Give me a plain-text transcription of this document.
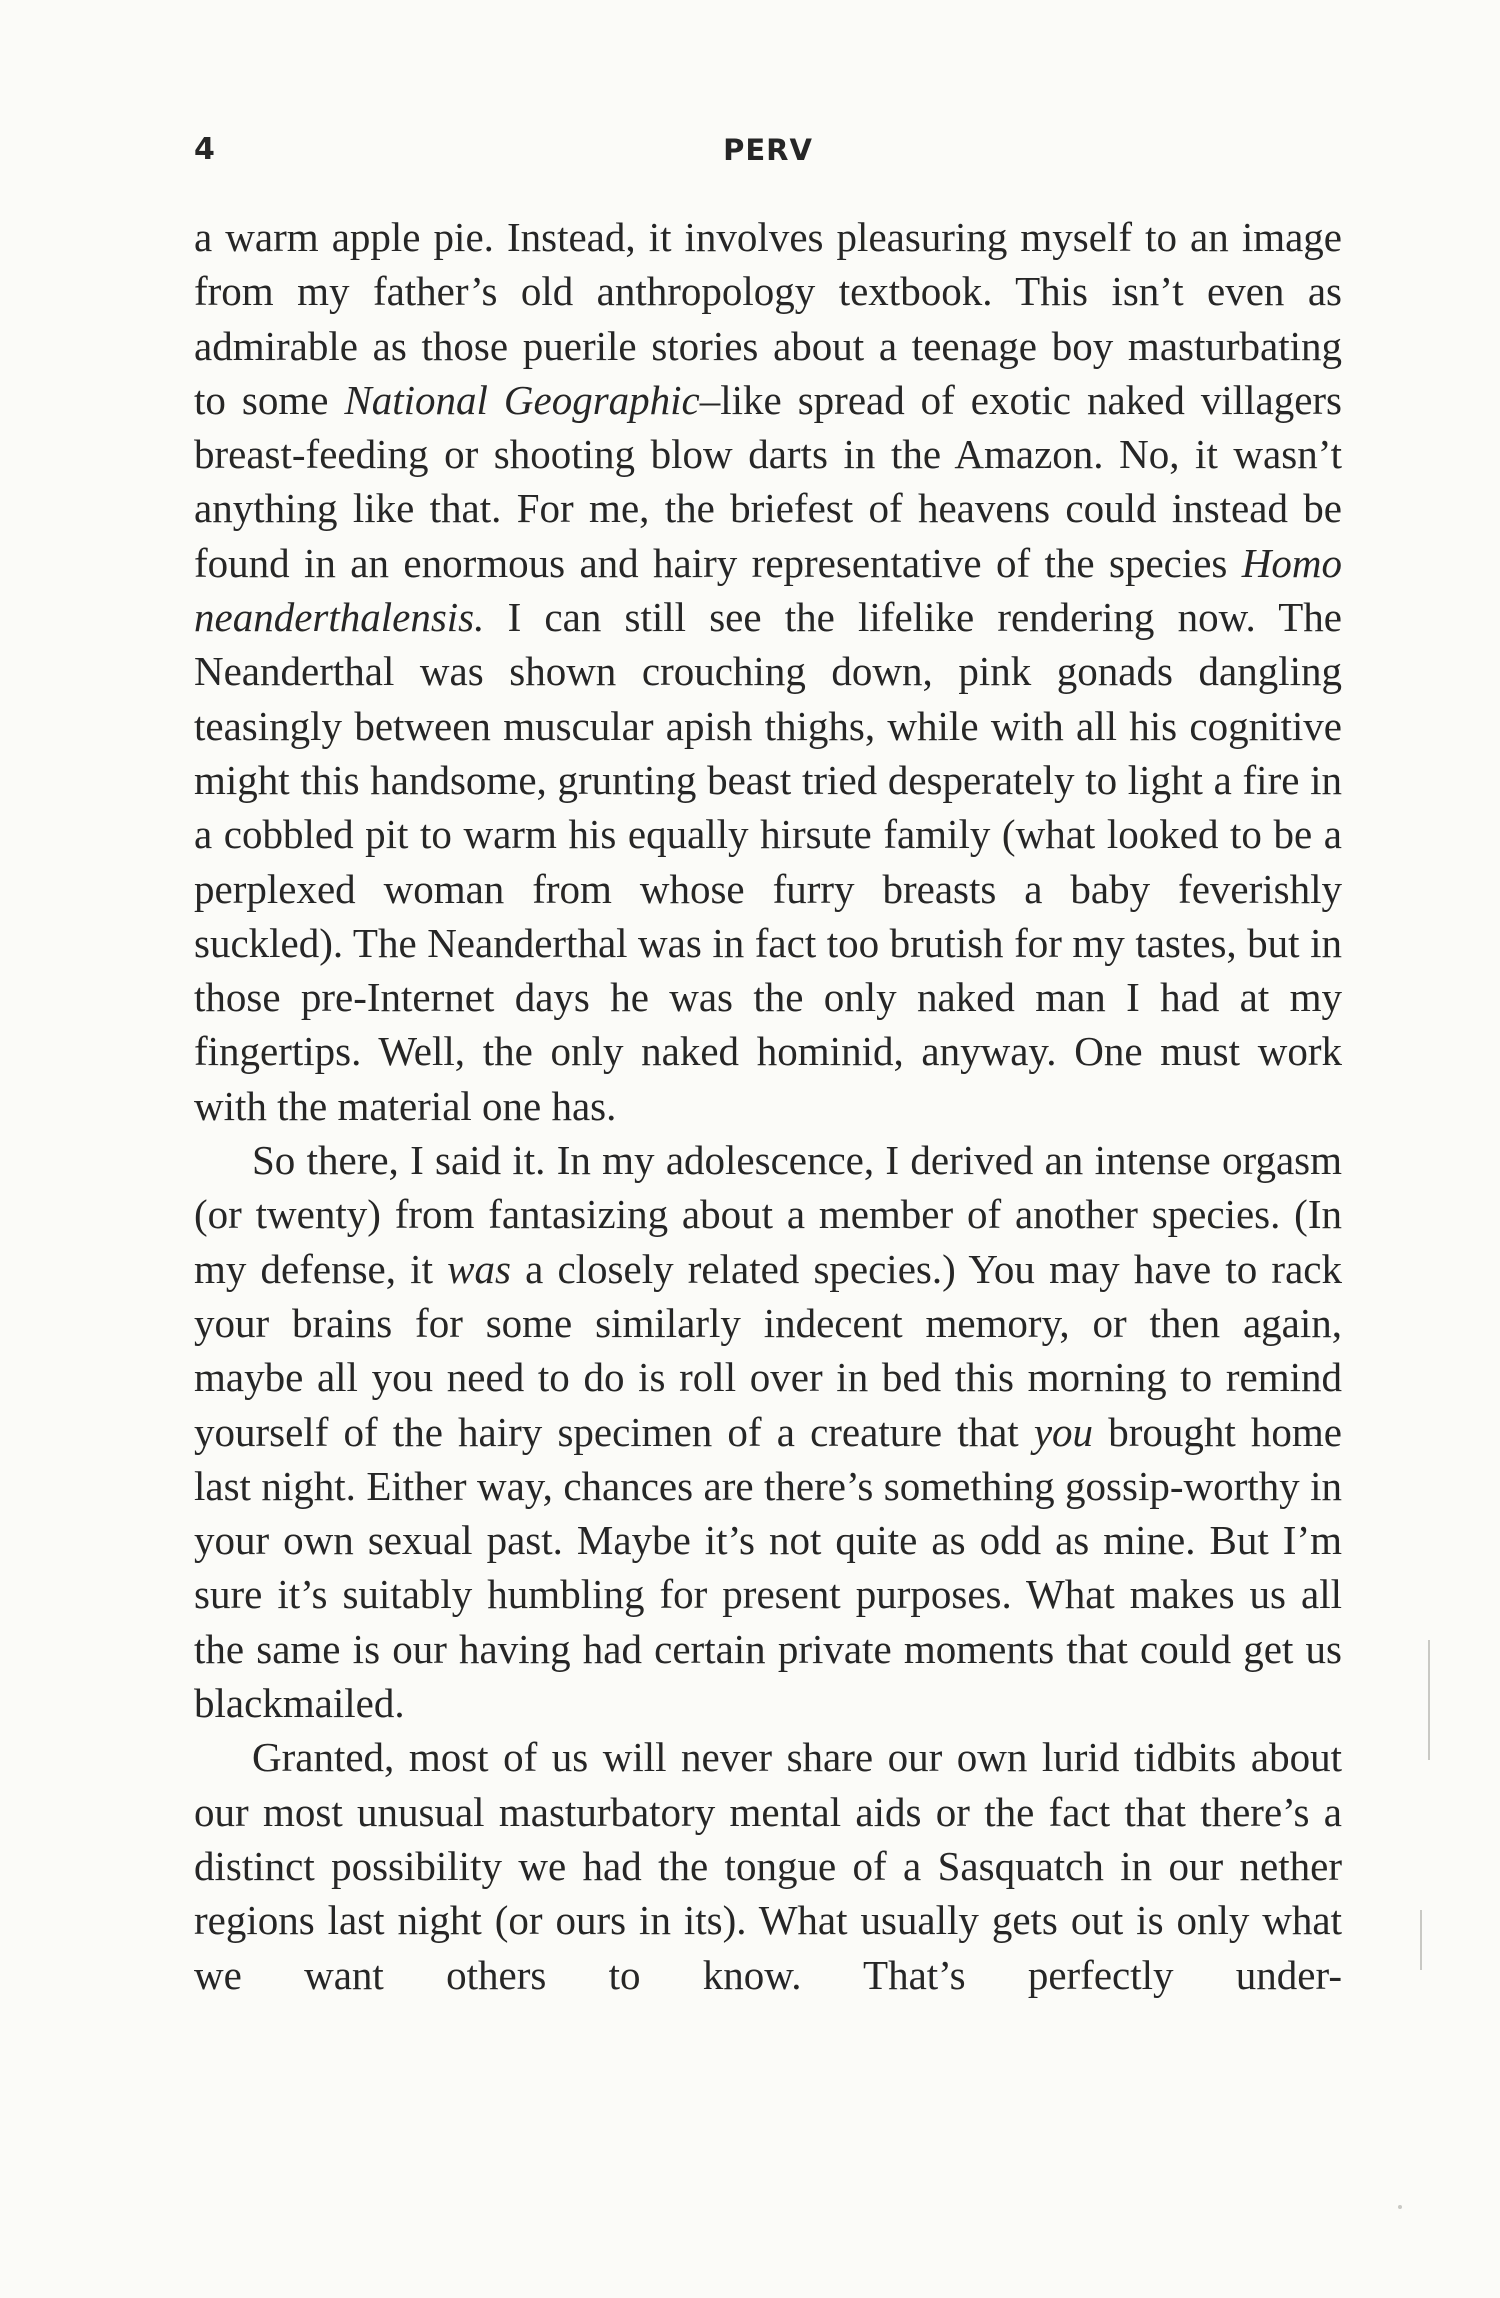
4	PERV

a warm apple pie. Instead, it involves pleasuring myself to an image from my father’s old anthropology textbook. This isn’t even as admirable as those puerile stories about a teenage boy masturbating to some National Geographic–like spread of exotic naked villagers breast-feeding or shooting blow darts in the Amazon. No, it wasn’t anything like that. For me, the briefest of heavens could instead be found in an enormous and hairy representative of the species Homo neanderthalensis. I can still see the lifelike rendering now. The Neanderthal was shown crouching down, pink gonads dangling teasingly between muscular apish thighs, while with all his cognitive might this handsome, grunting beast tried desperately to light a fire in a cobbled pit to warm his equally hirsute family (what looked to be a perplexed woman from whose furry breasts a baby feverishly suckled). The Neanderthal was in fact too brutish for my tastes, but in those pre-Internet days he was the only naked man I had at my fingertips. Well, the only naked hominid, anyway. One must work with the material one has.

So there, I said it. In my adolescence, I derived an intense orgasm (or twenty) from fantasizing about a member of another species. (In my defense, it was a closely related species.) You may have to rack your brains for some similarly indecent memory, or then again, maybe all you need to do is roll over in bed this morning to remind yourself of the hairy specimen of a creature that you brought home last night. Either way, chances are there’s something gossip-worthy in your own sexual past. Maybe it’s not quite as odd as mine. But I’m sure it’s suitably humbling for present purposes. What makes us all the same is our having had certain private moments that could get us blackmailed.

Granted, most of us will never share our own lurid tidbits about our most unusual masturbatory mental aids or the fact that there’s a distinct possibility we had the tongue of a Sasquatch in our nether regions last night (or ours in its). What usually gets out is only what we want others to know. That’s perfectly under-
